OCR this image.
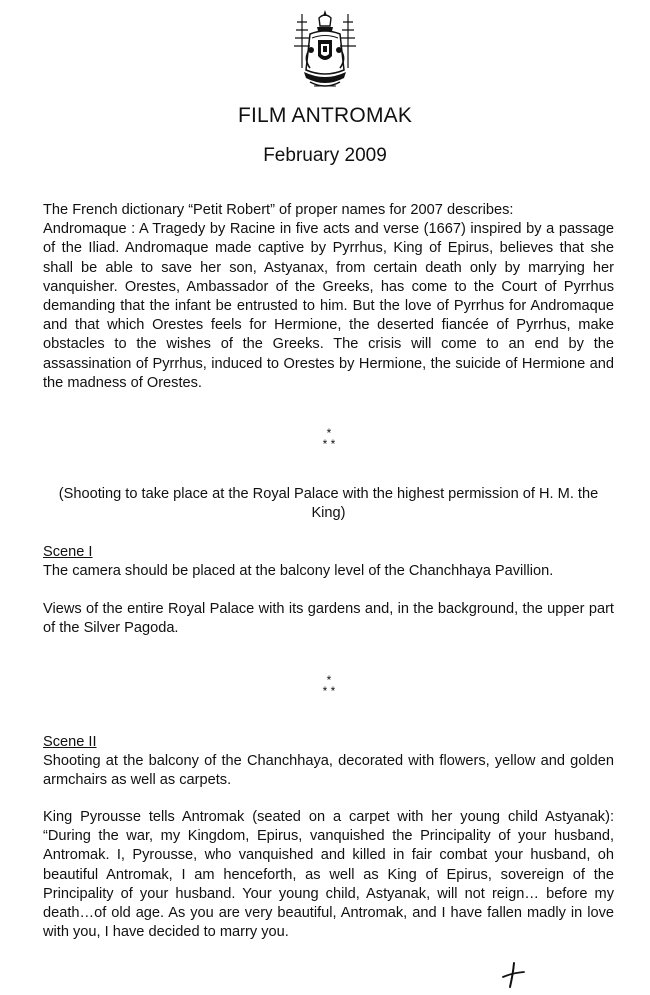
FILM ANTROMAK
February 2009
The French dictionary “Petit Robert” of proper names for 2007 describes:
Andromaque : A Tragedy by Racine in five acts and verse (1667) inspired by a passage of the Iliad. Andromaque made captive by Pyrrhus, King of Epirus, believes that she shall be able to save her son, Astyanax, from certain death only by marrying her vanquisher. Orestes, Ambassador of the Greeks, has come to the Court of Pyrrhus demanding that the infant be entrusted to him. But the love of Pyrrhus for Andromaque and that which Orestes feels for Hermione, the deserted fiancée of Pyrrhus, make obstacles to the wishes of the Greeks. The crisis will come to an end by the assassination of Pyrrhus, induced to Orestes by Hermione, the suicide of Hermione and the madness of Orestes.
*
* *
(Shooting to take place at the Royal Palace with the highest permission of H. M. the King)
Scene I
The camera should be placed at the balcony level of the Chanchhaya Pavillion.
Views of the entire Royal Palace with its gardens and, in the background, the upper part of the Silver Pagoda.
*
* *
Scene II
Shooting at the balcony of the Chanchhaya, decorated with flowers, yellow and golden armchairs as well as carpets.
King Pyrousse tells Antromak (seated on a carpet with her young child Astyanak): “During the war, my Kingdom, Epirus, vanquished the Principality of your husband, Antromak. I, Pyrousse, who vanquished and killed in fair combat your husband, oh beautiful Antromak, I am henceforth, as well as King of Epirus, sovereign of the Principality of your husband. Your young child, Astyanak, will not reign… before my death…of old age. As you are very beautiful, Antromak, and I have fallen madly in love with you, I have decided to marry you.
